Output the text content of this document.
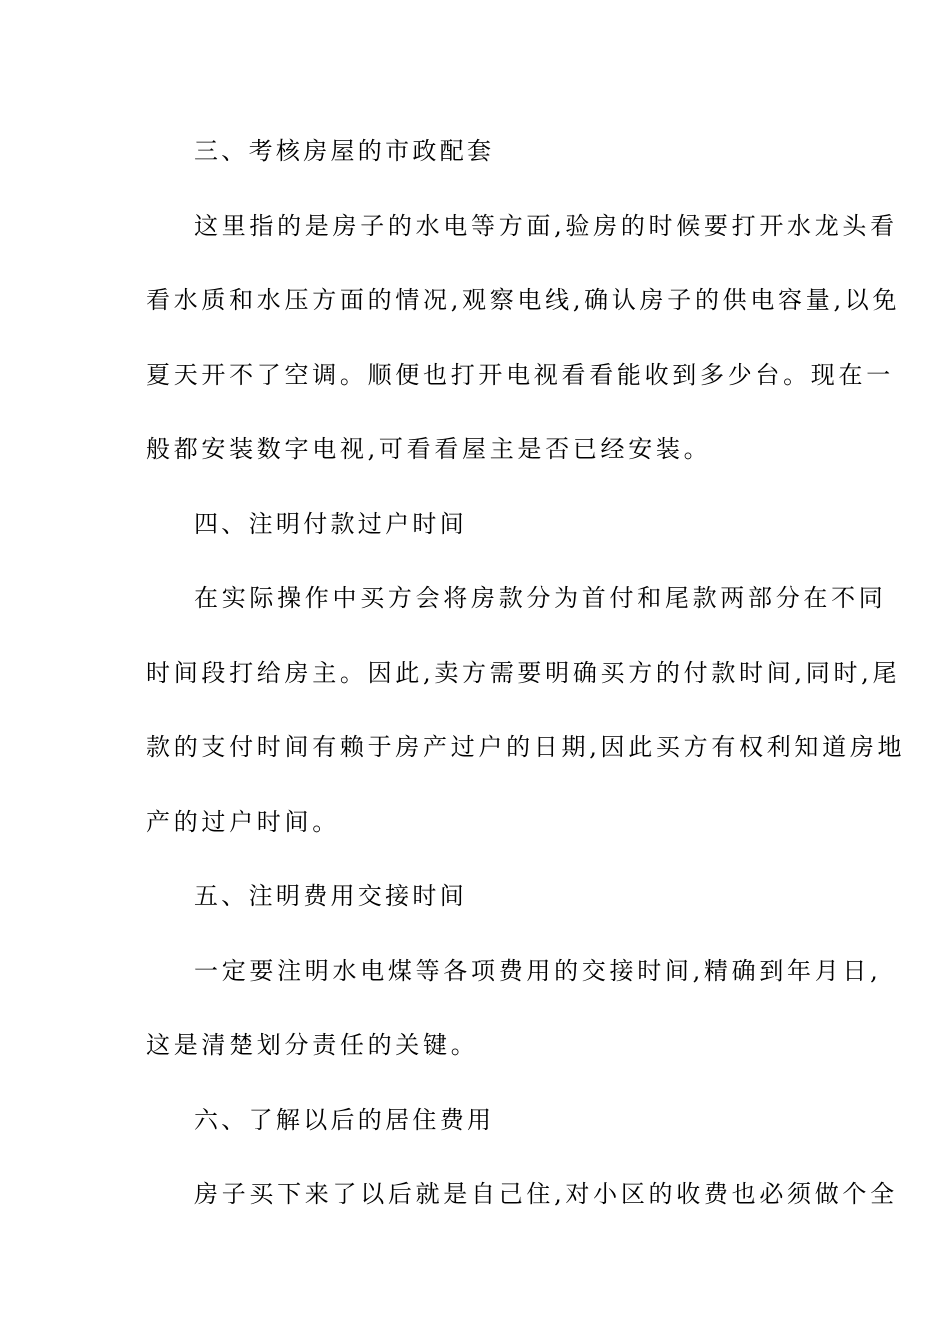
三、考核房屋的市政配套
这里指的是房子的水电等方面,验房的时候要打开水龙头看
看水质和水压方面的情况,观察电线,确认房子的供电容量,以免
夏天开不了空调。顺便也打开电视看看能收到多少台。现在一
般都安装数字电视,可看看屋主是否已经安装。
四、注明付款过户时间
在实际操作中买方会将房款分为首付和尾款两部分在不同
时间段打给房主。因此,卖方需要明确买方的付款时间,同时,尾
款的支付时间有赖于房产过户的日期,因此买方有权利知道房地
产的过户时间。
五、注明费用交接时间
一定要注明水电煤等各项费用的交接时间,精确到年月日,
这是清楚划分责任的关键。
六、了解以后的居住费用
房子买下来了以后就是自己住,对小区的收费也必须做个全
